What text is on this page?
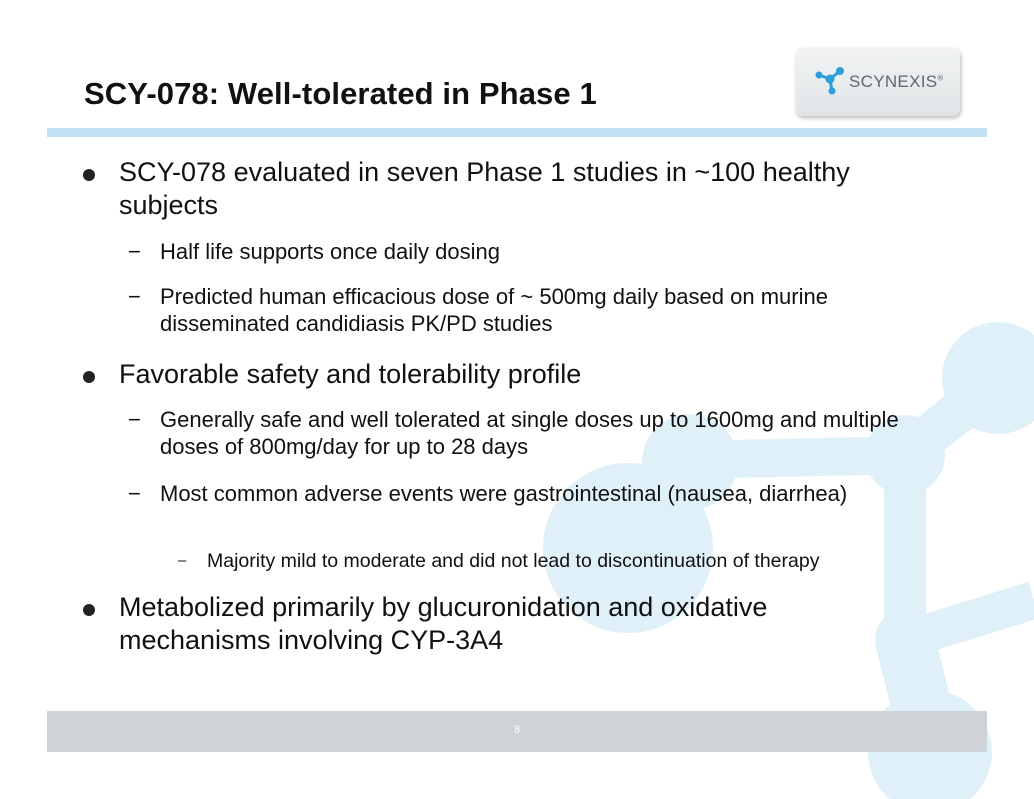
SCY-078: Well-tolerated in Phase 1	SCYNEXIS®
SCY-078 evaluated in seven Phase 1 studies in ~100 healthy subjects
− Half life supports once daily dosing
− Predicted human efficacious dose of ~ 500mg daily based on murine disseminated candidiasis PK/PD studies
Favorable safety and tolerability profile
− Generally safe and well tolerated at single doses up to 1600mg and multiple doses of 800mg/day for up to 28 days
− Most common adverse events were gastrointestinal (nausea, diarrhea)
– Majority mild to moderate and did not lead to discontinuation of therapy
Metabolized primarily by glucuronidation and oxidative mechanisms involving CYP-3A4
8
